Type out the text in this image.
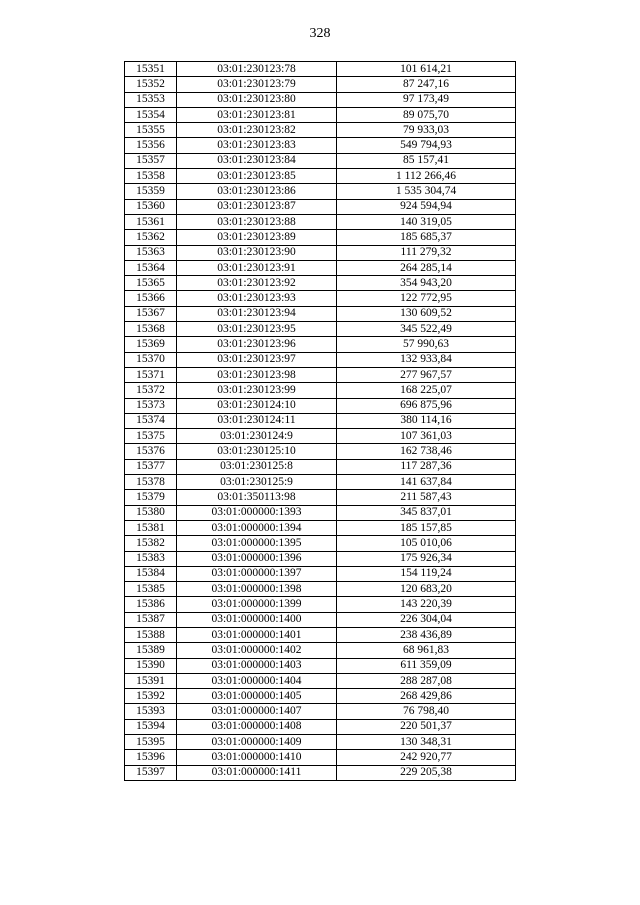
328
15351	03:01:230123:78	101 614,21
15352	03:01:230123:79	87 247,16
15353	03:01:230123:80	97 173,49
15354	03:01:230123:81	89 075,70
15355	03:01:230123:82	79 933,03
15356	03:01:230123:83	549 794,93
15357	03:01:230123:84	85 157,41
15358	03:01:230123:85	1 112 266,46
15359	03:01:230123:86	1 535 304,74
15360	03:01:230123:87	924 594,94
15361	03:01:230123:88	140 319,05
15362	03:01:230123:89	185 685,37
15363	03:01:230123:90	111 279,32
15364	03:01:230123:91	264 285,14
15365	03:01:230123:92	354 943,20
15366	03:01:230123:93	122 772,95
15367	03:01:230123:94	130 609,52
15368	03:01:230123:95	345 522,49
15369	03:01:230123:96	57 990,63
15370	03:01:230123:97	132 933,84
15371	03:01:230123:98	277 967,57
15372	03:01:230123:99	168 225,07
15373	03:01:230124:10	696 875,96
15374	03:01:230124:11	380 114,16
15375	03:01:230124:9	107 361,03
15376	03:01:230125:10	162 738,46
15377	03:01:230125:8	117 287,36
15378	03:01:230125:9	141 637,84
15379	03:01:350113:98	211 587,43
15380	03:01:000000:1393	345 837,01
15381	03:01:000000:1394	185 157,85
15382	03:01:000000:1395	105 010,06
15383	03:01:000000:1396	175 926,34
15384	03:01:000000:1397	154 119,24
15385	03:01:000000:1398	120 683,20
15386	03:01:000000:1399	143 220,39
15387	03:01:000000:1400	226 304,04
15388	03:01:000000:1401	238 436,89
15389	03:01:000000:1402	68 961,83
15390	03:01:000000:1403	611 359,09
15391	03:01:000000:1404	288 287,08
15392	03:01:000000:1405	268 429,86
15393	03:01:000000:1407	76 798,40
15394	03:01:000000:1408	220 501,37
15395	03:01:000000:1409	130 348,31
15396	03:01:000000:1410	242 920,77
15397	03:01:000000:1411	229 205,38
